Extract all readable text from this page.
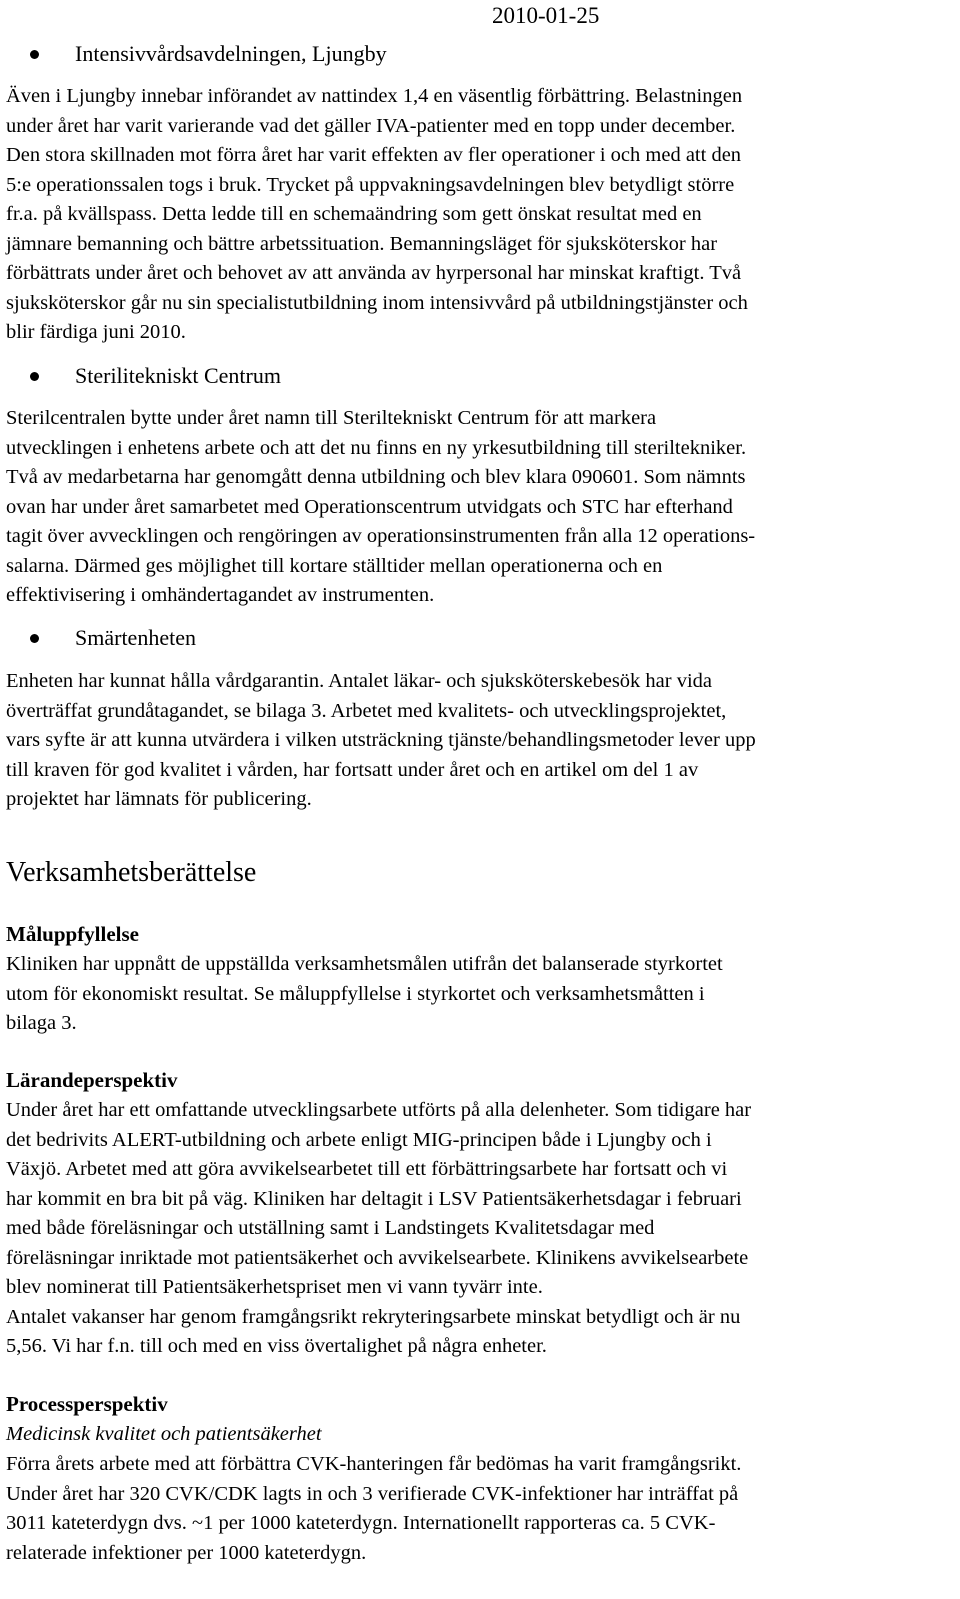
2010-01-25
Intensivvårdsavdelningen, Ljungby
Även i Ljungby innebar införandet av nattindex 1,4 en väsentlig förbättring. Belastningen
under året har varit varierande vad det gäller IVA-patienter med en topp under december.
Den stora skillnaden mot förra året har varit effekten av fler operationer i och med att den
5:e operationssalen togs i bruk. Trycket på uppvakningsavdelningen blev betydligt större
fr.a. på kvällspass. Detta ledde till en schemaändring som gett önskat resultat med en
jämnare bemanning och bättre arbetssituation. Bemanningsläget för sjuksköterskor har
förbättrats under året och behovet av att använda av hyrpersonal har minskat kraftigt. Två
sjuksköterskor går nu sin specialistutbildning inom intensivvård på utbildningstjänster och
blir färdiga juni 2010.
Sterilitekniskt Centrum
Sterilcentralen bytte under året namn till Steriltekniskt Centrum för att markera
utvecklingen i enhetens arbete och att det nu finns en ny yrkesutbildning till steriltekniker.
Två av medarbetarna har genomgått denna utbildning och blev klara 090601. Som nämnts
ovan har under året samarbetet med Operationscentrum utvidgats och STC har efterhand
tagit över avvecklingen och rengöringen av operationsinstrumenten från alla 12 operations-
salarna. Därmed ges möjlighet till kortare ställtider mellan operationerna och en
effektivisering i omhändertagandet av instrumenten.
Smärtenheten
Enheten har kunnat hålla vårdgarantin. Antalet läkar- och sjuksköterskebesök har vida
överträffat grundåtagandet, se bilaga 3. Arbetet med kvalitets- och utvecklingsprojektet,
vars syfte är att kunna utvärdera i vilken utsträckning tjänste/behandlingsmetoder lever upp
till kraven för god kvalitet i vården, har fortsatt under året och en artikel om del 1 av
projektet har lämnats för publicering.
Verksamhetsberättelse
Måluppfyllelse
Kliniken har uppnått de uppställda verksamhetsmålen utifrån det balanserade styrkortet
utom för ekonomiskt resultat. Se måluppfyllelse i styrkortet och verksamhetsmåtten i
bilaga 3.
Lärandeperspektiv
Under året har ett omfattande utvecklingsarbete utförts på alla delenheter. Som tidigare har
det bedrivits ALERT-utbildning och arbete enligt MIG-principen både i Ljungby och i
Växjö. Arbetet med att göra avvikelsearbetet till ett förbättringsarbete har fortsatt och vi
har kommit en bra bit på väg. Kliniken har deltagit i LSV Patientsäkerhetsdagar i februari
med både föreläsningar och utställning samt i Landstingets Kvalitetsdagar med
föreläsningar inriktade mot patientsäkerhet och avvikelsearbete. Klinikens avvikelsearbete
blev nominerat till Patientsäkerhetspriset men vi vann tyvärr inte.
Antalet vakanser har genom framgångsrikt rekryteringsarbete minskat betydligt och är nu
5,56. Vi har f.n. till och med en viss övertalighet på några enheter.
Processperspektiv
Medicinsk kvalitet och patientsäkerhet
Förra årets arbete med att förbättra CVK-hanteringen får bedömas ha varit framgångsrikt.
Under året har 320 CVK/CDK lagts in och 3 verifierade CVK-infektioner har inträffat på
3011 kateterdygn dvs. ~1 per 1000 kateterdygn. Internationellt rapporteras ca. 5 CVK-
relaterade infektioner per 1000 kateterdygn.
